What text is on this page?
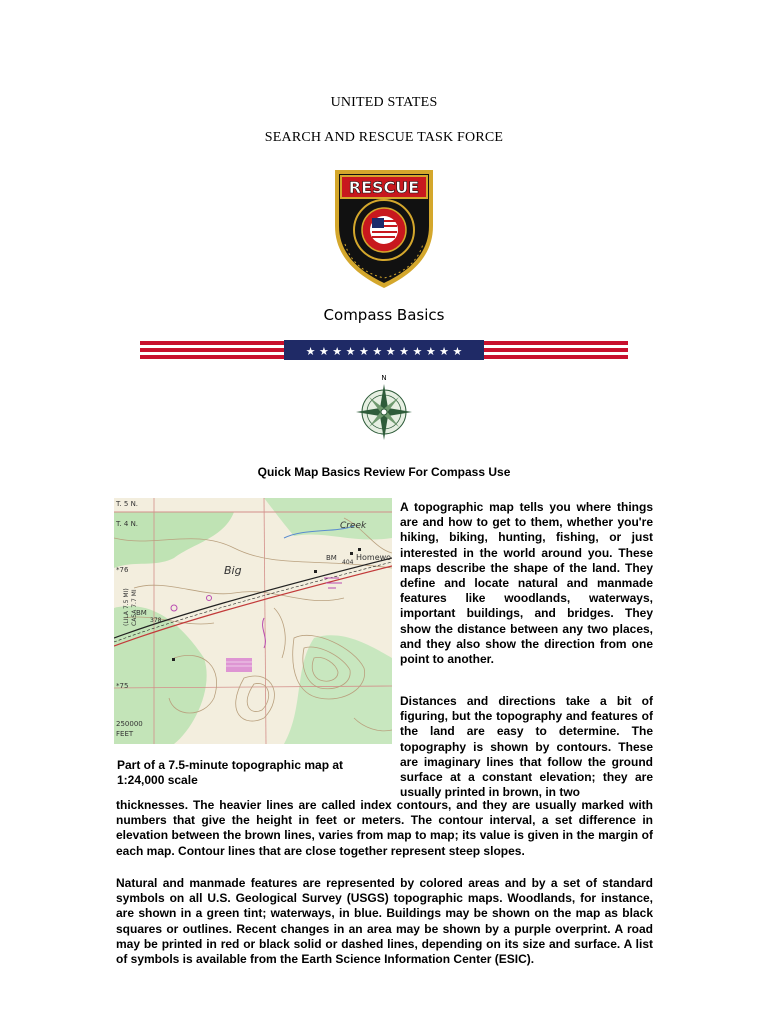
UNITED STATES
SEARCH AND RESCUE TASK FORCE
RESCUE
Compass Basics
★ ★ ★ ★ ★ ★ ★ ★ ★ ★ ★ ★
N
Quick Map Basics Review For Compass Use
T. 5 N.
T. 4 N.	Creek
BM
404
Homewo
Big
BM
378
*76
*75
250000
FEET
(LILA 7.5 MI) CASA 7.7 MI
Part of a 7.5-minute topographic map at
1:24,000 scale
A topographic map tells you where things are and how to get to them, whether you're hiking, biking, hunting, fishing, or just interested in the world around you. These maps describe the shape of the land. They define and locate natural and manmade features like woodlands, waterways, important buildings, and bridges. They show the distance between any two places, and they also show the direction from one point to another.
Distances and directions take a bit of figuring, but the topography and features of the land are easy to determine. The topography is shown by contours. These are imaginary lines that follow the ground surface at a constant elevation; they are usually printed in brown, in two
thicknesses. The heavier lines are called index contours, and they are usually marked with numbers that give the height in feet or meters. The contour interval, a set difference in elevation between the brown lines, varies from map to map; its value is given in the margin of each map. Contour lines that are close together represent steep slopes.
Natural and manmade features are represented by colored areas and by a set of standard symbols on all U.S. Geological Survey (USGS) topographic maps. Woodlands, for instance, are shown in a green tint; waterways, in blue. Buildings may be shown on the map as black squares or outlines. Recent changes in an area may be shown by a purple overprint. A road may be printed in red or black solid or dashed lines, depending on its size and surface. A list of symbols is available from the Earth Science Information Center (ESIC).
